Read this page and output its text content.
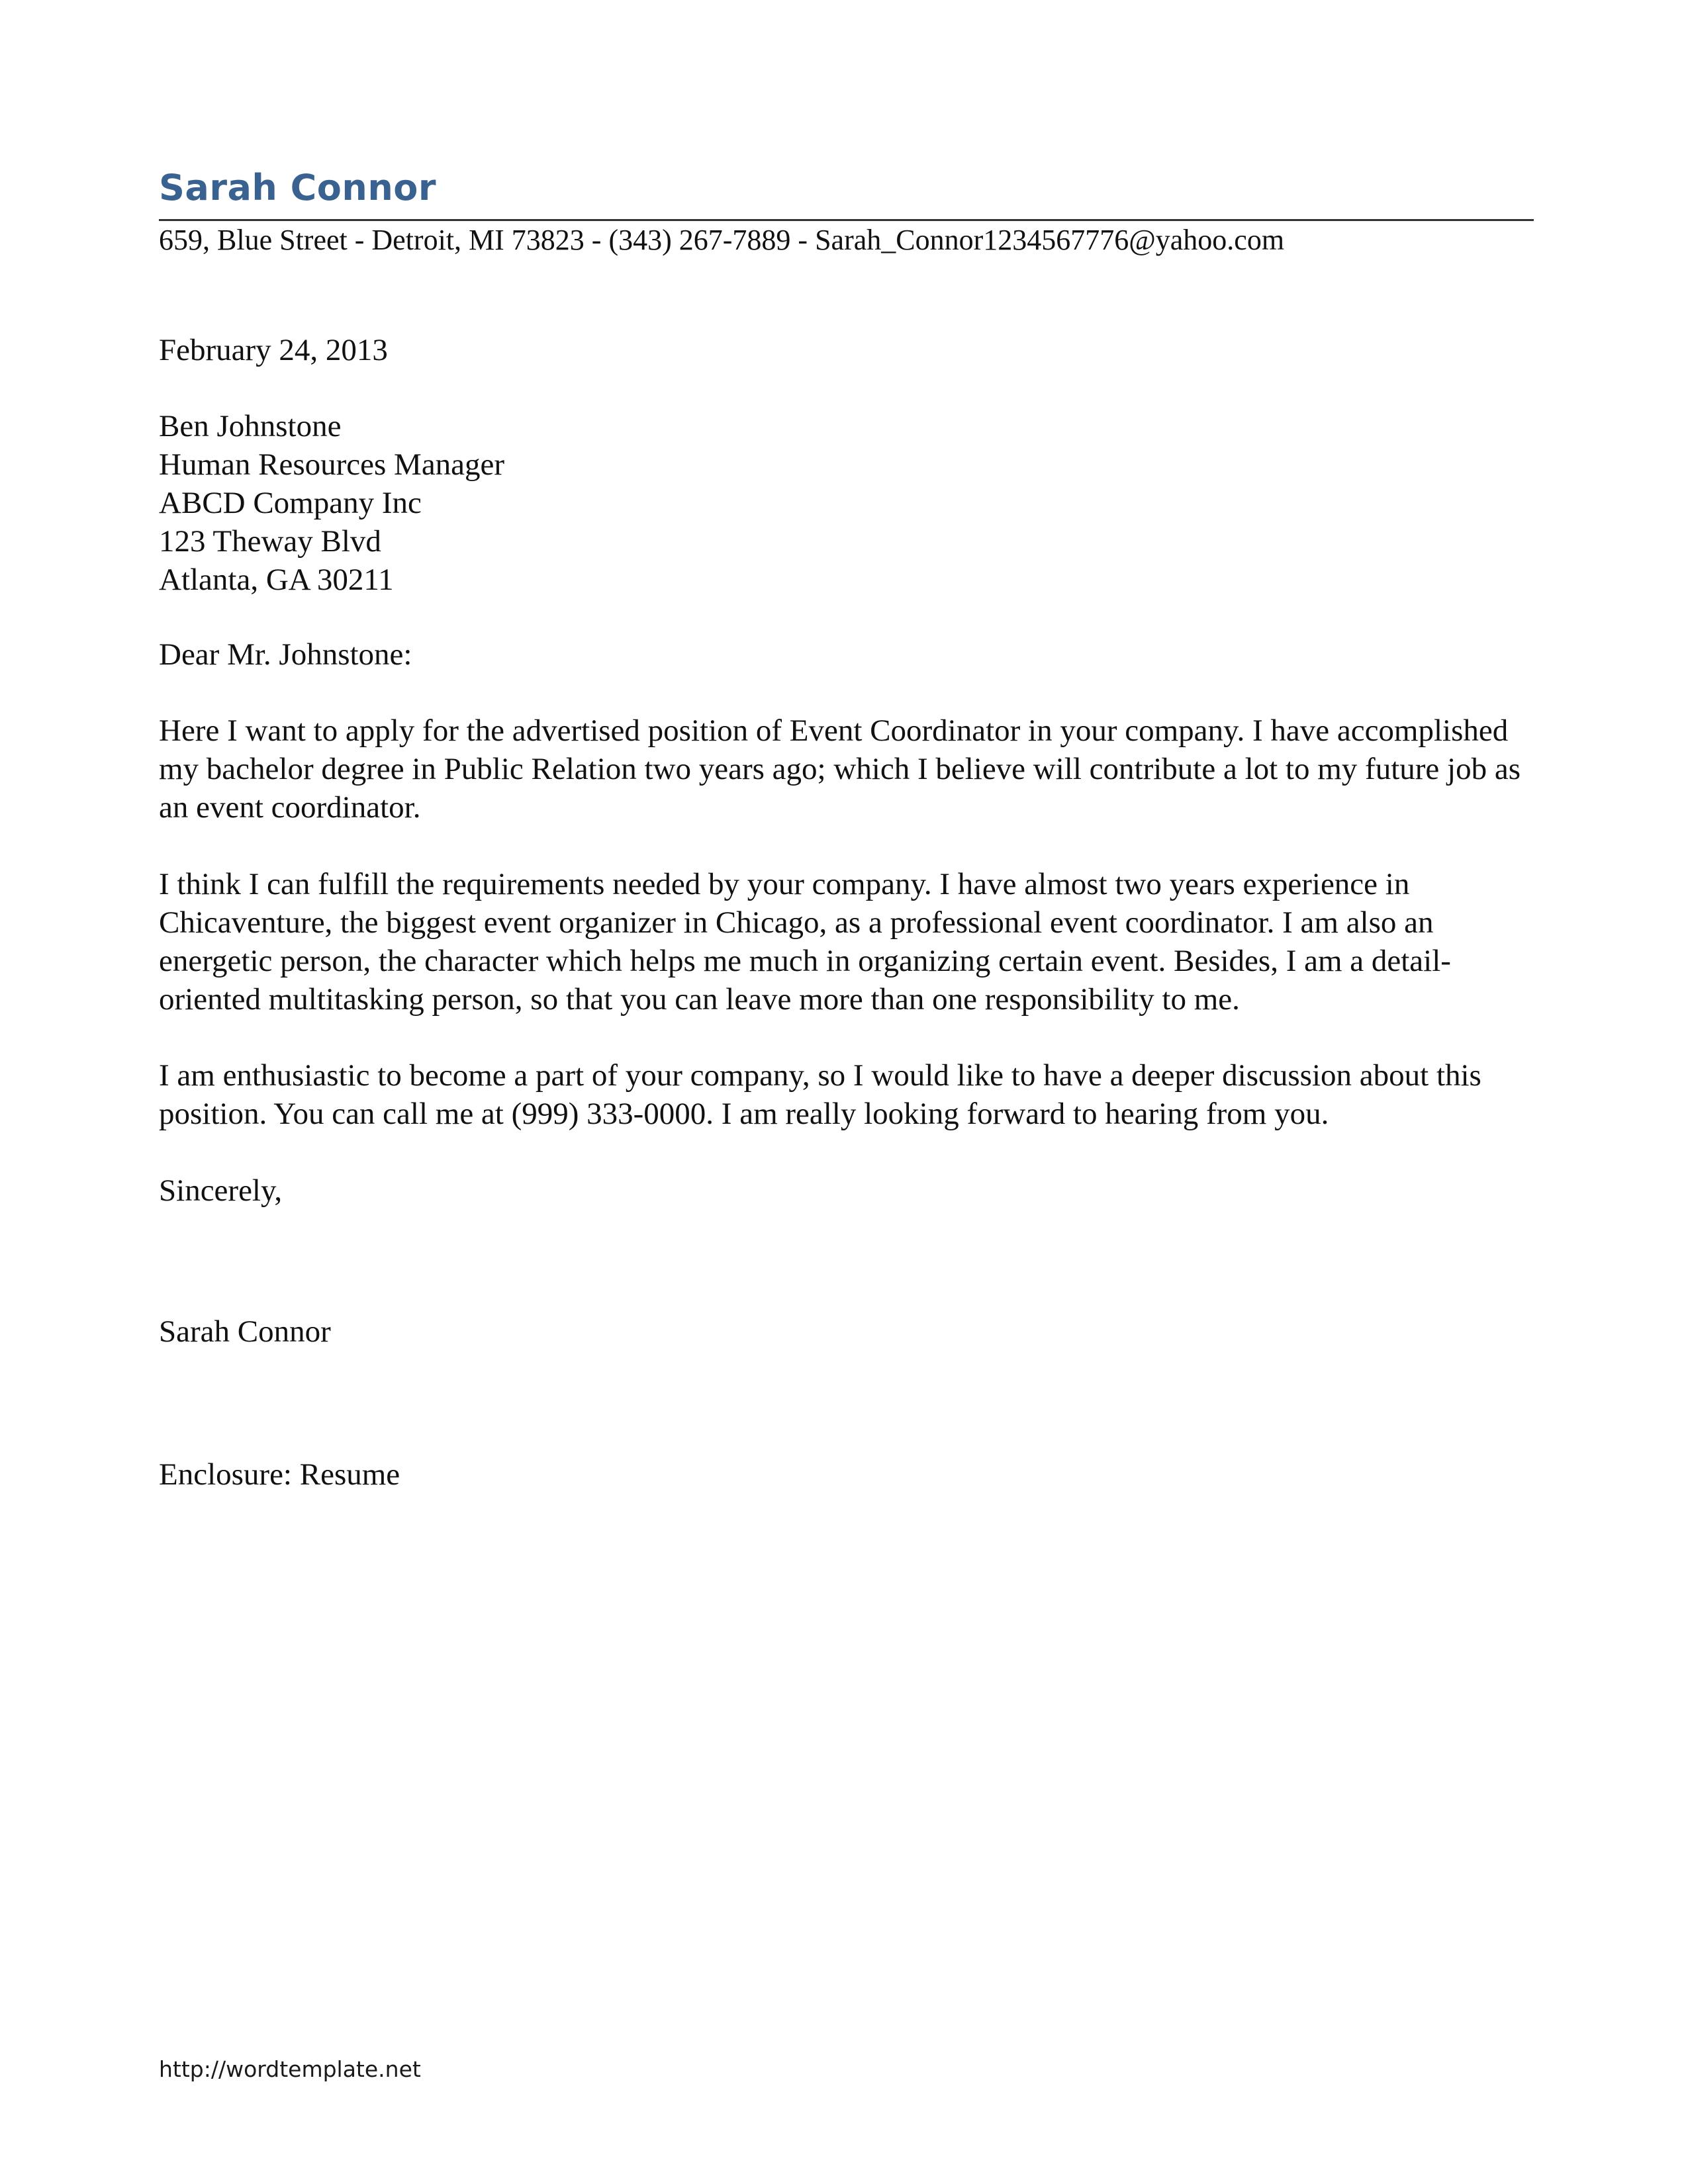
Sarah Connor
659, Blue Street - Detroit, MI 73823 - (343) 267-7889 - Sarah_Connor1234567776@yahoo.com

February 24, 2013

Ben Johnstone
Human Resources Manager
ABCD Company Inc
123 Theway Blvd
Atlanta, GA 30211

Dear Mr. Johnstone:

Here I want to apply for the advertised position of Event Coordinator in your company. I have accomplished my bachelor degree in Public Relation two years ago; which I believe will contribute a lot to my future job as an event coordinator.

I think I can fulfill the requirements needed by your company. I have almost two years experience in Chicaventure, the biggest event organizer in Chicago, as a professional event coordinator. I am also an energetic person, the character which helps me much in organizing certain event. Besides, I am a detail-oriented multitasking person, so that you can leave more than one responsibility to me.

I am enthusiastic to become a part of your company, so I would like to have a deeper discussion about this position. You can call me at (999) 333-0000. I am really looking forward to hearing from you.

Sincerely,

Sarah Connor

Enclosure: Resume

http://wordtemplate.net
